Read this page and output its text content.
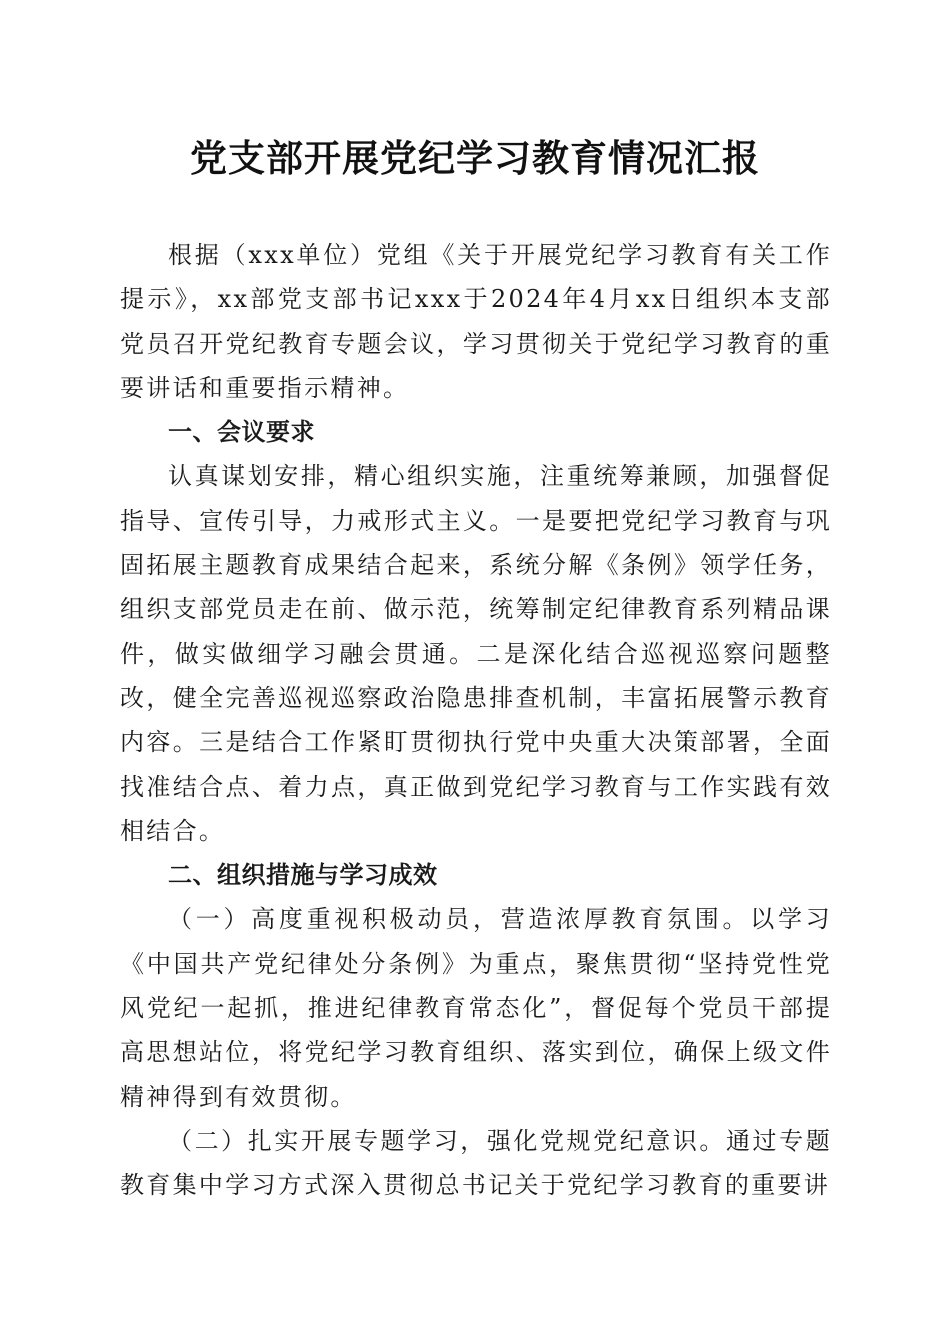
党支部开展党纪学习教育情况汇报

根据（xxx单位）党组《关于开展党纪学习教育有关工作提示》，xx部党支部书记xxx于2024年4月xx日组织本支部党员召开党纪教育专题会议，学习贯彻关于党纪学习教育的重要讲话和重要指示精神。

一、会议要求

认真谋划安排，精心组织实施，注重统筹兼顾，加强督促指导、宣传引导，力戒形式主义。一是要把党纪学习教育与巩固拓展主题教育成果结合起来，系统分解《条例》领学任务，组织支部党员走在前、做示范，统筹制定纪律教育系列精品课件，做实做细学习融会贯通。二是深化结合巡视巡察问题整改，健全完善巡视巡察政治隐患排查机制，丰富拓展警示教育内容。三是结合工作紧盯贯彻执行党中央重大决策部署，全面找准结合点、着力点，真正做到党纪学习教育与工作实践有效相结合。

二、组织措施与学习成效

（一）高度重视积极动员，营造浓厚教育氛围。以学习《中国共产党纪律处分条例》为重点，聚焦贯彻“坚持党性党风党纪一起抓，推进纪律教育常态化”，督促每个党员干部提高思想站位，将党纪学习教育组织、落实到位，确保上级文件精神得到有效贯彻。

（二）扎实开展专题学习，强化党规党纪意识。通过专题教育集中学习方式深入贯彻总书记关于党纪学习教育的重要讲
